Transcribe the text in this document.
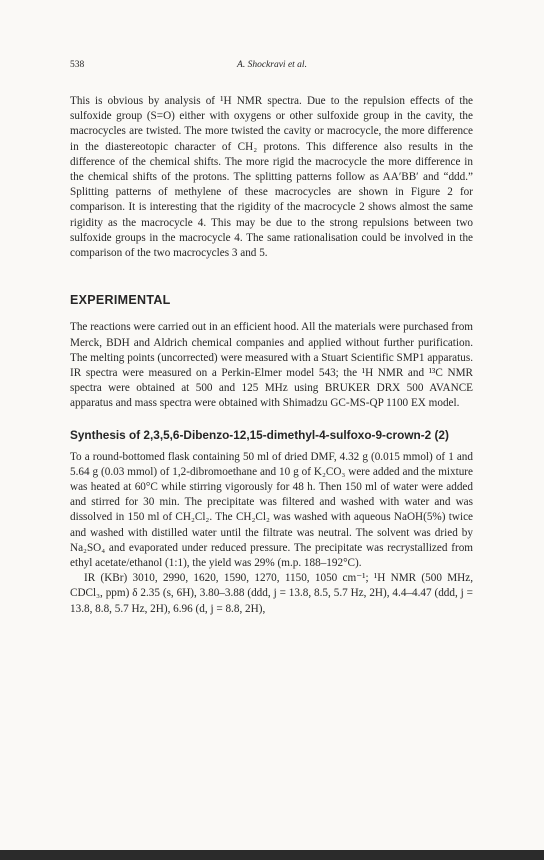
538	A. Shockravi et al.

This is obvious by analysis of ¹H NMR spectra. Due to the repulsion effects of the sulfoxide group (S=O) either with oxygens or other sulfoxide group in the cavity, the macrocycles are twisted. The more twisted the cavity or macrocycle, the more difference in the diastereotopic character of CH₂ protons. This difference also results in the difference of the chemical shifts. The more rigid the macrocycle the more difference in the chemical shifts of the protons. The splitting patterns follow as AA′BB′ and “ddd.” Splitting patterns of methylene of these macrocycles are shown in Figure 2 for comparison. It is interesting that the rigidity of the macrocycle 2 shows almost the same rigidity as the macrocycle 4. This may be due to the strong repulsions between two sulfoxide groups in the macrocycle 4. The same rationalisation could be involved in the comparison of the two macrocycles 3 and 5.

EXPERIMENTAL

The reactions were carried out in an efficient hood. All the materials were purchased from Merck, BDH and Aldrich chemical companies and applied without further purification. The melting points (uncorrected) were measured with a Stuart Scientific SMP1 apparatus. IR spectra were measured on a Perkin-Elmer model 543; the ¹H NMR and ¹³C NMR spectra were obtained at 500 and 125 MHz using BRUKER DRX 500 AVANCE apparatus and mass spectra were obtained with Shimadzu GC-MS-QP 1100 EX model.

Synthesis of 2,3,5,6-Dibenzo-12,15-dimethyl-4-sulfoxo-9-crown-2 (2)

To a round-bottomed flask containing 50 ml of dried DMF, 4.32 g (0.015 mmol) of 1 and 5.64 g (0.03 mmol) of 1,2-dibromoethane and 10 g of K₂CO₃ were added and the mixture was heated at 60°C while stirring vigorously for 48 h. Then 150 ml of water were added and stirred for 30 min. The precipitate was filtered and washed with water and was dissolved in 150 ml of CH₂Cl₂. The CH₂Cl₂ was washed with aqueous NaOH(5%) twice and washed with distilled water until the filtrate was neutral. The solvent was dried by Na₂SO₄ and evaporated under reduced pressure. The precipitate was recrystallized from ethyl acetate/ethanol (1:1), the yield was 29% (m.p. 188–192°C).

IR (KBr) 3010, 2990, 1620, 1590, 1270, 1150, 1050 cm⁻¹; ¹H NMR (500 MHz, CDCl₃, ppm) δ 2.35 (s, 6H), 3.80–3.88 (ddd, j = 13.8, 8.5, 5.7 Hz, 2H), 4.4–4.47 (ddd, j = 13.8, 8.8, 5.7 Hz, 2H), 6.96 (d, j = 8.8, 2H),
